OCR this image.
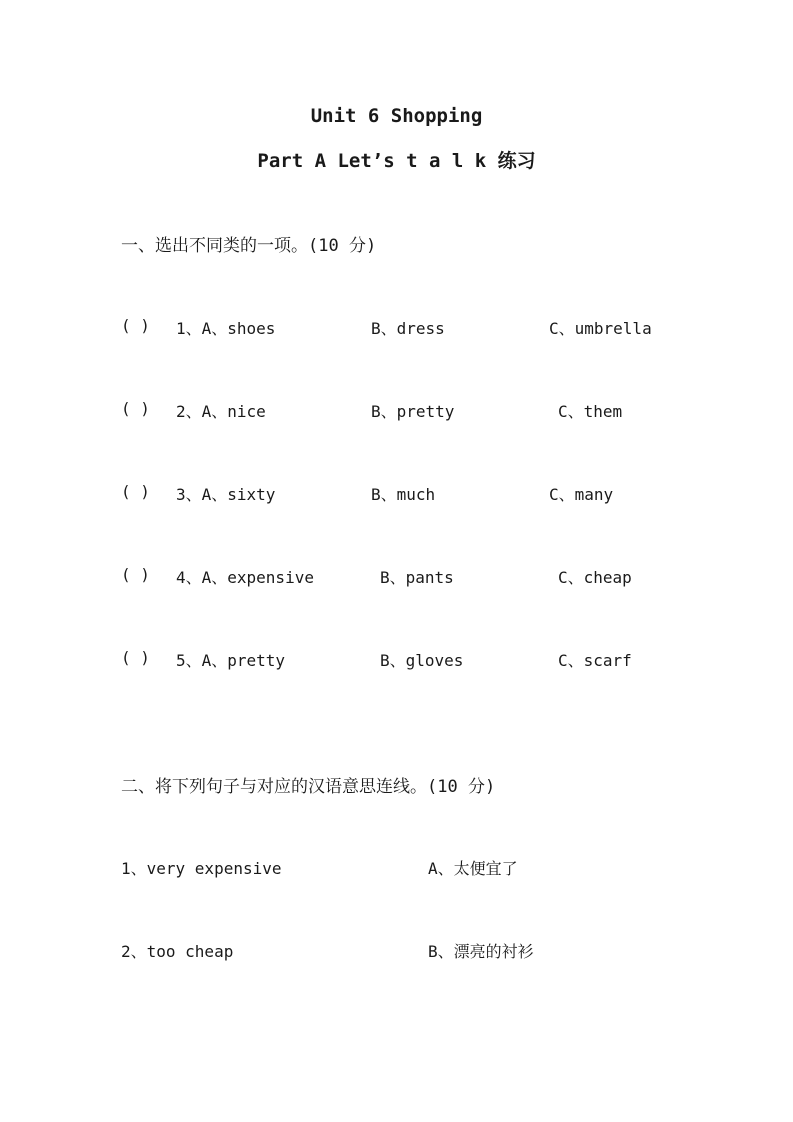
Unit 6 Shopping
Part A Let’s t a l k 练习
一、选出不同类的一项。(10 分)
( ) 1、A、shoes	B、dress	C、umbrella
( ) 2、A、nice	B、pretty	C、them
( ) 3、A、sixty	B、much	C、many
( ) 4、A、expensive	B、pants	C、cheap
( ) 5、A、pretty	B、gloves	C、scarf
二、将下列句子与对应的汉语意思连线。(10 分)
1、very expensive	A、太便宜了
2、too cheap	B、漂亮的衬衫
